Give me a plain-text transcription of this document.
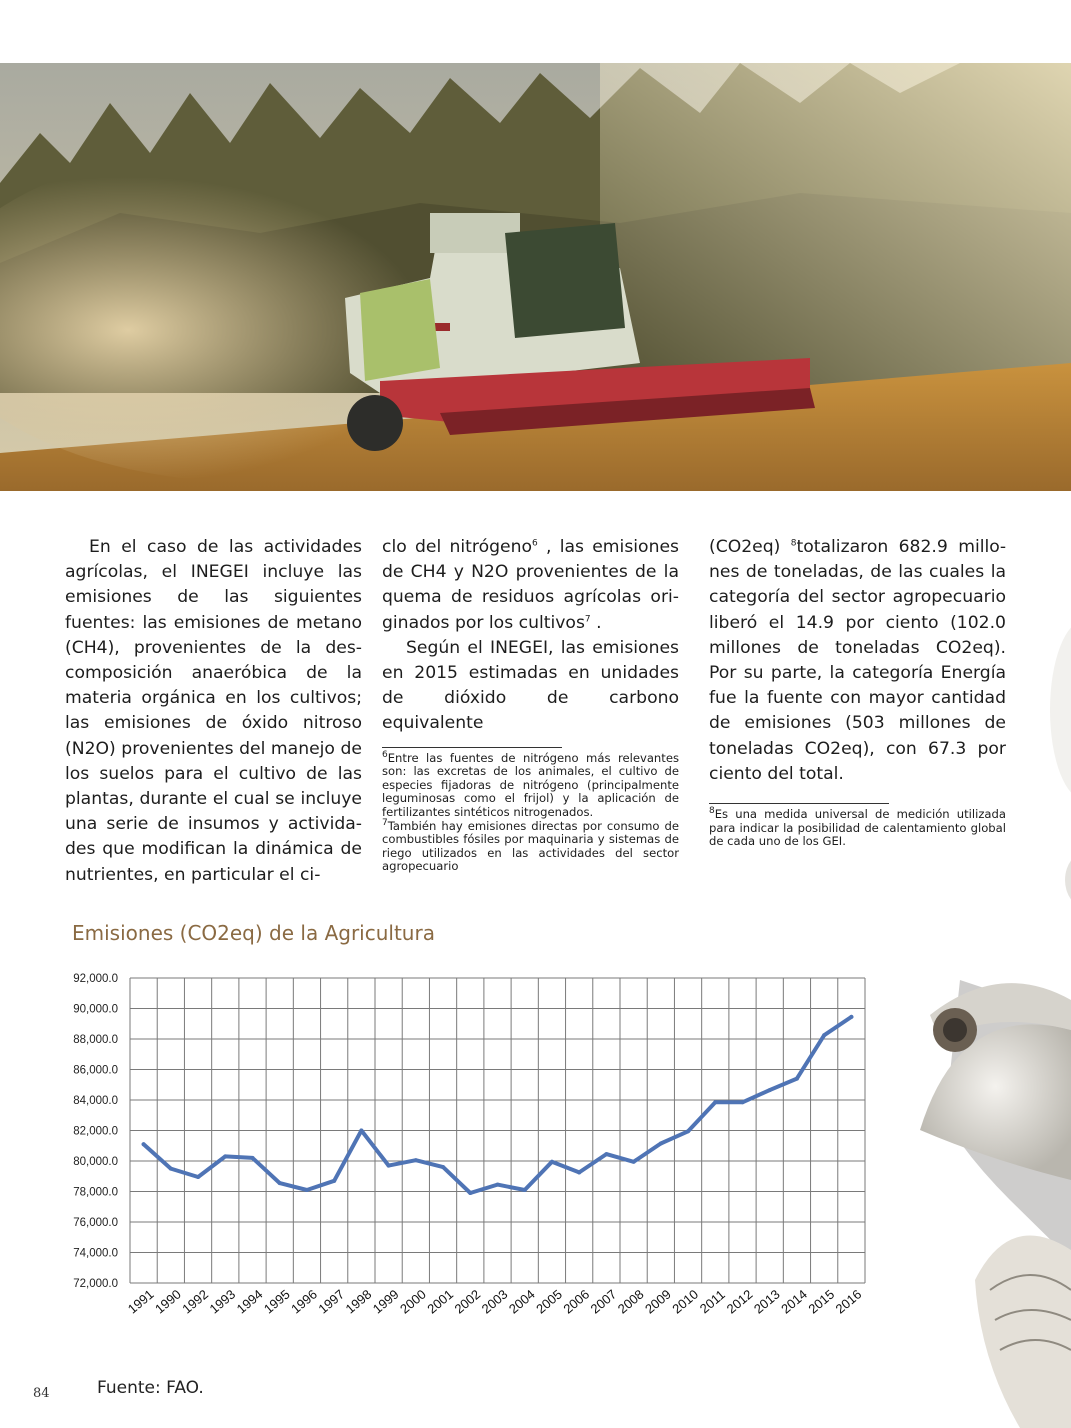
En el caso de las actividades agrícolas, el INEGEI incluye las emisiones de las siguientes fuentes: las emisiones de metano (CH4), provenientes de la descomposición anaeróbica de la materia orgánica en los cultivos; las emisiones de óxido nitroso (N2O) provenientes del manejo de los suelos para el cultivo de las plantas, durante el cual se incluye una serie de insumos y actividades que modifican la dinámica de nutrientes, en particular el ci-

clo del nitrógeno$^6$ , las emisiones de CH4 y N2O provenientes de la quema de residuos agrícolas originados por los cultivos$^7$ .

Según el INEGEI, las emisiones en 2015 estimadas en unidades de dióxido de carbono equivalente

$^6$Entre las fuentes de nitrógeno más relevantes son: las excretas de los animales, el cultivo de especies fijadoras de nitrógeno (principalmente leguminosas como el frijol) y la aplicación de fertilizantes sintéticos nitrogenados.
$^7$También hay emisiones directas por consumo de combustibles fósiles por maquinaria y sistemas de riego utilizados en las actividades del sector agropecuario

(CO2eq) $^8$totalizaron 682.9 millones de toneladas, de las cuales la categoría del sector agropecuario liberó el 14.9 por ciento (102.0 millones de toneladas CO2eq). Por su parte, la categoría Energía fue la fuente con mayor cantidad de emisiones (503 millones de toneladas CO2eq), con 67.3 por ciento del total.

$^8$Es una medida universal de medición utilizada para indicar la posibilidad de calentamiento global de cada uno de los GEI.
Emisiones (CO2eq) de la Agricultura
72,000.0
74,000.0
76,000.0
78,000.0
80,000.0
82,000.0
84,000.0
86,000.0
88,000.0
90,000.0
92,000.0
1991
1990
1992
1993
1994
1995
1996
1997
1998
1999
2000
2001
2002
2003
2004
2005
2006
2007
2008
2009
2010
2011
2012
2013
2014
2015
2016
Fuente: FAO.
84
